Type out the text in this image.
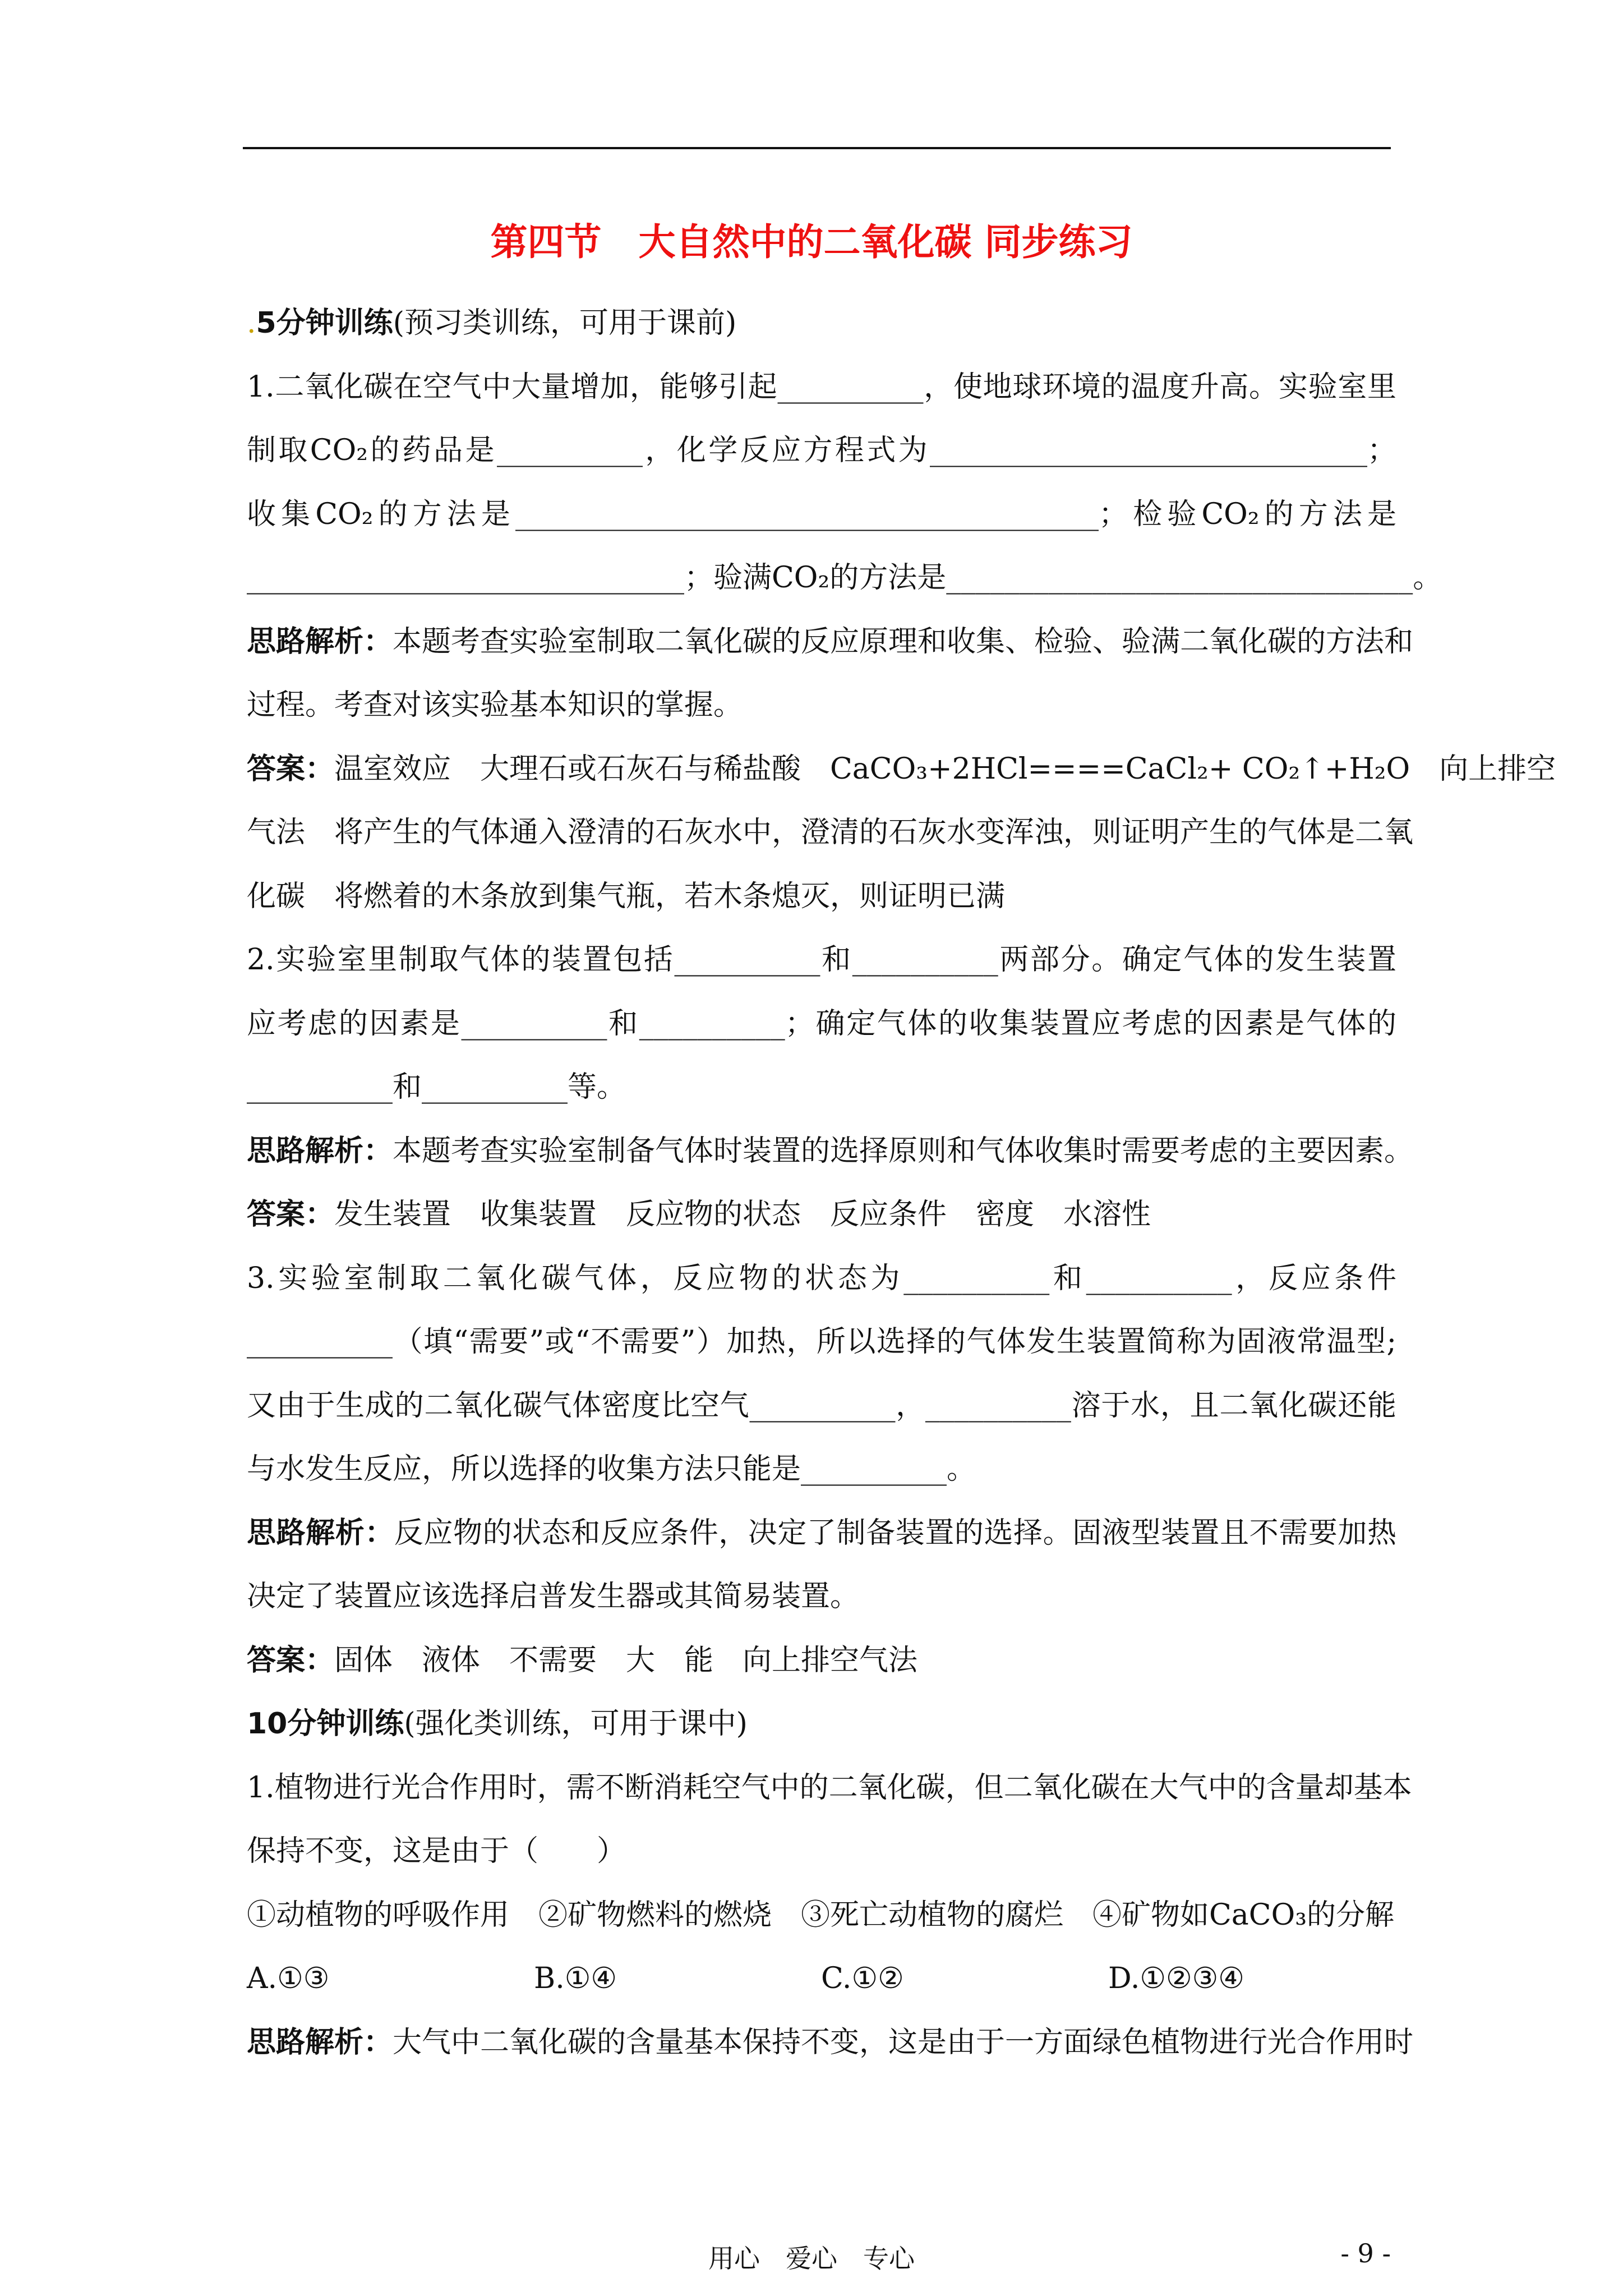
第四节　大自然中的二氧化碳 同步练习
.5分钟训练(预习类训练，可用于课前)
1.二氧化碳在空气中大量增加，能够引起__________，使地球环境的温度升高。实验室里
制取CO₂的药品是__________，化学反应方程式为______________________________；
收集CO₂的方法是________________________________________；检验CO₂的方法是
______________________________；验满CO₂的方法是________________________________。
思路解析：本题考查实验室制取二氧化碳的反应原理和收集、检验、验满二氧化碳的方法和
过程。考查对该实验基本知识的掌握。
答案：温室效应　大理石或石灰石与稀盐酸　CaCO₃+2HCl====CaCl₂+ CO₂↑+H₂O　向上排空
气法　将产生的气体通入澄清的石灰水中，澄清的石灰水变浑浊，则证明产生的气体是二氧
化碳　将燃着的木条放到集气瓶，若木条熄灭，则证明已满
2.实验室里制取气体的装置包括__________和__________两部分。确定气体的发生装置
应考虑的因素是__________和__________；确定气体的收集装置应考虑的因素是气体的
__________和__________等。
思路解析：本题考查实验室制备气体时装置的选择原则和气体收集时需要考虑的主要因素。
答案：发生装置　收集装置　反应物的状态　反应条件　密度　水溶性
3.实验室制取二氧化碳气体，反应物的状态为__________和__________，反应条件
__________（填“需要”或“不需要”）加热，所以选择的气体发生装置简称为固液常温型;
又由于生成的二氧化碳气体密度比空气__________，__________溶于水，且二氧化碳还能
与水发生反应，所以选择的收集方法只能是__________。
思路解析：反应物的状态和反应条件，决定了制备装置的选择。固液型装置且不需要加热
决定了装置应该选择启普发生器或其简易装置。
答案：固体　液体　不需要　大　能　向上排空气法
10分钟训练(强化类训练，可用于课中)
1.植物进行光合作用时，需不断消耗空气中的二氧化碳，但二氧化碳在大气中的含量却基本
保持不变，这是由于（　　）
①动植物的呼吸作用　②矿物燃料的燃烧　③死亡动植物的腐烂　④矿物如CaCO₃的分解
A.①③	B.①④	C.①②	D.①②③④
思路解析：大气中二氧化碳的含量基本保持不变，这是由于一方面绿色植物进行光合作用时
用心　爱心　专心	- 9 -
